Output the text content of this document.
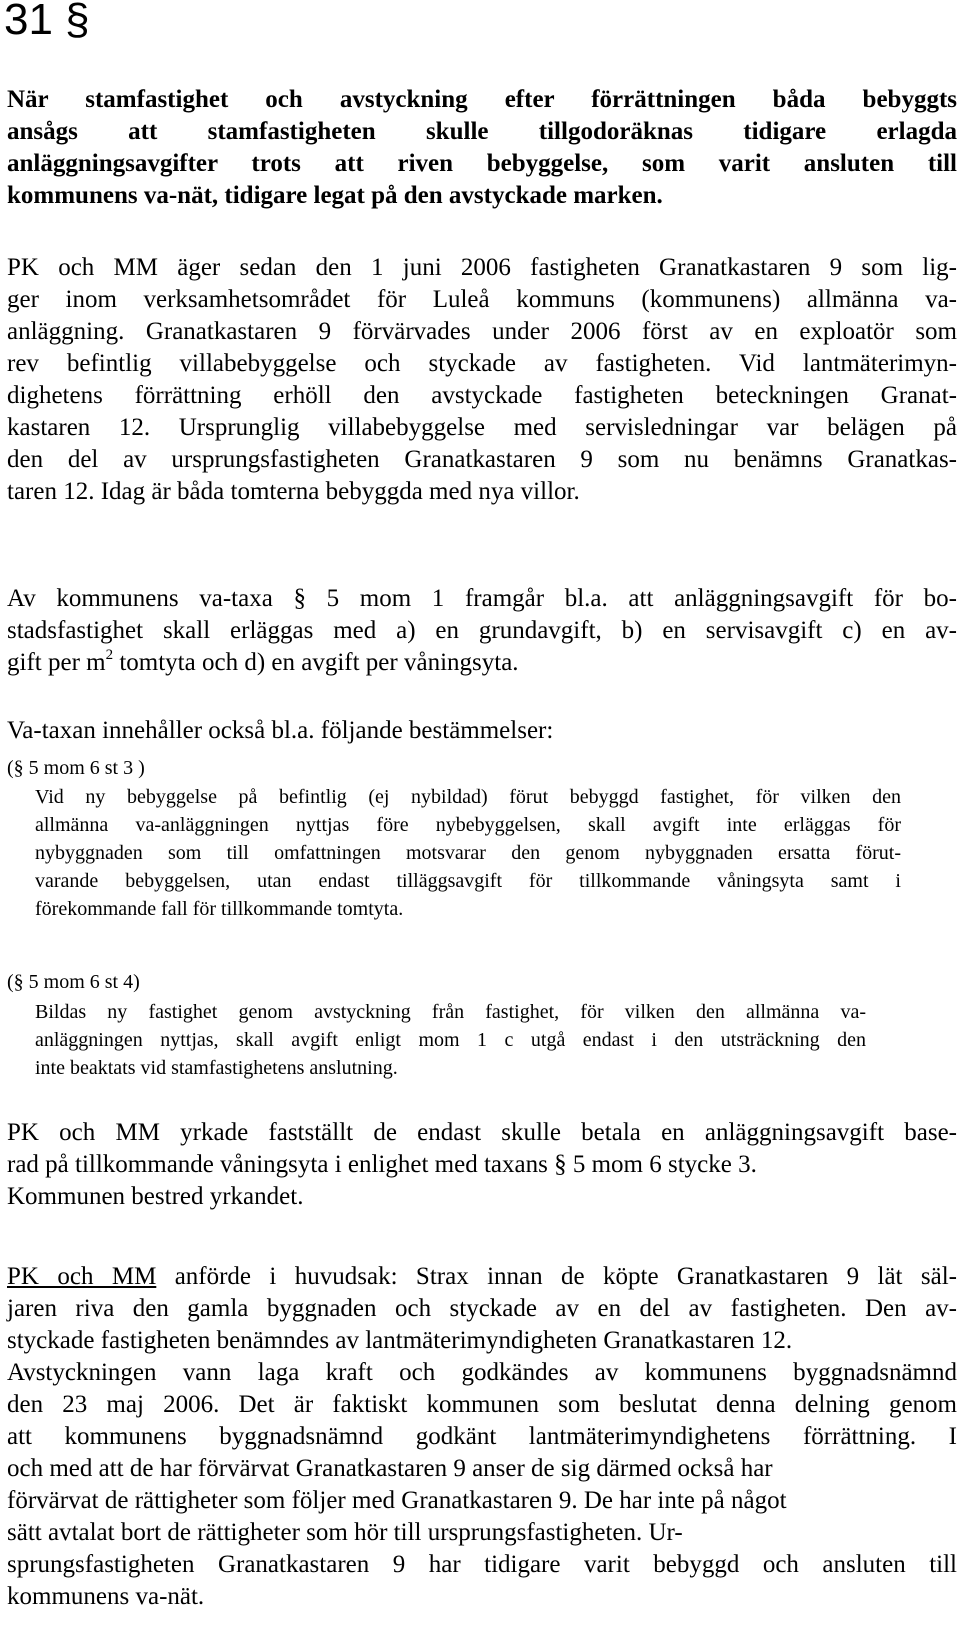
31 §
När stamfastighet och avstyckning efter förrättningen båda bebyggts
ansågs att stamfastigheten skulle tillgodoräknas tidigare erlagda
anläggningsavgifter trots att riven bebyggelse, som varit ansluten till
kommunens va-nät, tidigare legat på den avstyckade marken.
PK och MM äger sedan den 1 juni 2006 fastigheten Granatkastaren 9 som lig-
ger inom verksamhetsområdet för Luleå kommuns (kommunens) allmänna va-
anläggning. Granatkastaren 9 förvärvades under 2006 först av en exploatör som
rev befintlig villabebyggelse och styckade av fastigheten. Vid lantmäterimyn-
dighetens förrättning erhöll den avstyckade fastigheten beteckningen Granat-
kastaren 12. Ursprunglig villabebyggelse med servisledningar var belägen på
den del av ursprungsfastigheten Granatkastaren 9 som nu benämns Granatkas-
taren 12. Idag är båda tomterna bebyggda med nya villor.
Av kommunens va-taxa § 5 mom 1 framgår bl.a. att anläggningsavgift för bo-
stadsfastighet skall erläggas med a) en grundavgift, b) en servisavgift c) en av-
gift per $m^2$ tomtyta och d) en avgift per våningsyta.
Va-taxan innehåller också bl.a. följande bestämmelser:
(§ 5 mom 6 st 3 )
Vid ny bebyggelse på befintlig (ej nybildad) förut bebyggd fastighet, för vilken den
allmänna va-anläggningen nyttjas före nybebyggelsen, skall avgift inte erläggas för
nybyggnaden som till omfattningen motsvarar den genom nybyggnaden ersatta förut-
varande bebyggelsen, utan endast tilläggsavgift för tillkommande våningsyta samt i
förekommande fall för tillkommande tomtyta.
(§ 5 mom 6 st 4)
Bildas ny fastighet genom avstyckning från fastighet, för vilken den allmänna va-
anläggningen nyttjas, skall avgift enligt mom 1 c utgå endast i den utsträckning den
inte beaktats vid stamfastighetens anslutning.
PK och MM yrkade fastställt de endast skulle betala en anläggningsavgift base-
rad på tillkommande våningsyta i enlighet med taxans § 5 mom 6 stycke 3.
Kommunen bestred yrkandet.
PK och MM anförde i huvudsak: Strax innan de köpte Granatkastaren 9 lät säl-
jaren riva den gamla byggnaden och styckade av en del av fastigheten. Den av-
styckade fastigheten benämndes av lantmäterimyndigheten Granatkastaren 12.
Avstyckningen vann laga kraft och godkändes av kommunens byggnadsnämnd
den 23 maj 2006. Det är faktiskt kommunen som beslutat denna delning genom
att kommunens byggnadsnämnd godkänt lantmäterimyndighetens förrättning. I
och med att de har förvärvat Granatkastaren 9 anser de sig därmed också har
förvärvat de rättigheter som följer med Granatkastaren 9. De har inte på något
sätt avtalat bort de rättigheter som hör till ursprungsfastigheten. Ur-
sprungsfastigheten Granatkastaren 9 har tidigare varit bebyggd och ansluten till
kommunens va-nät.
